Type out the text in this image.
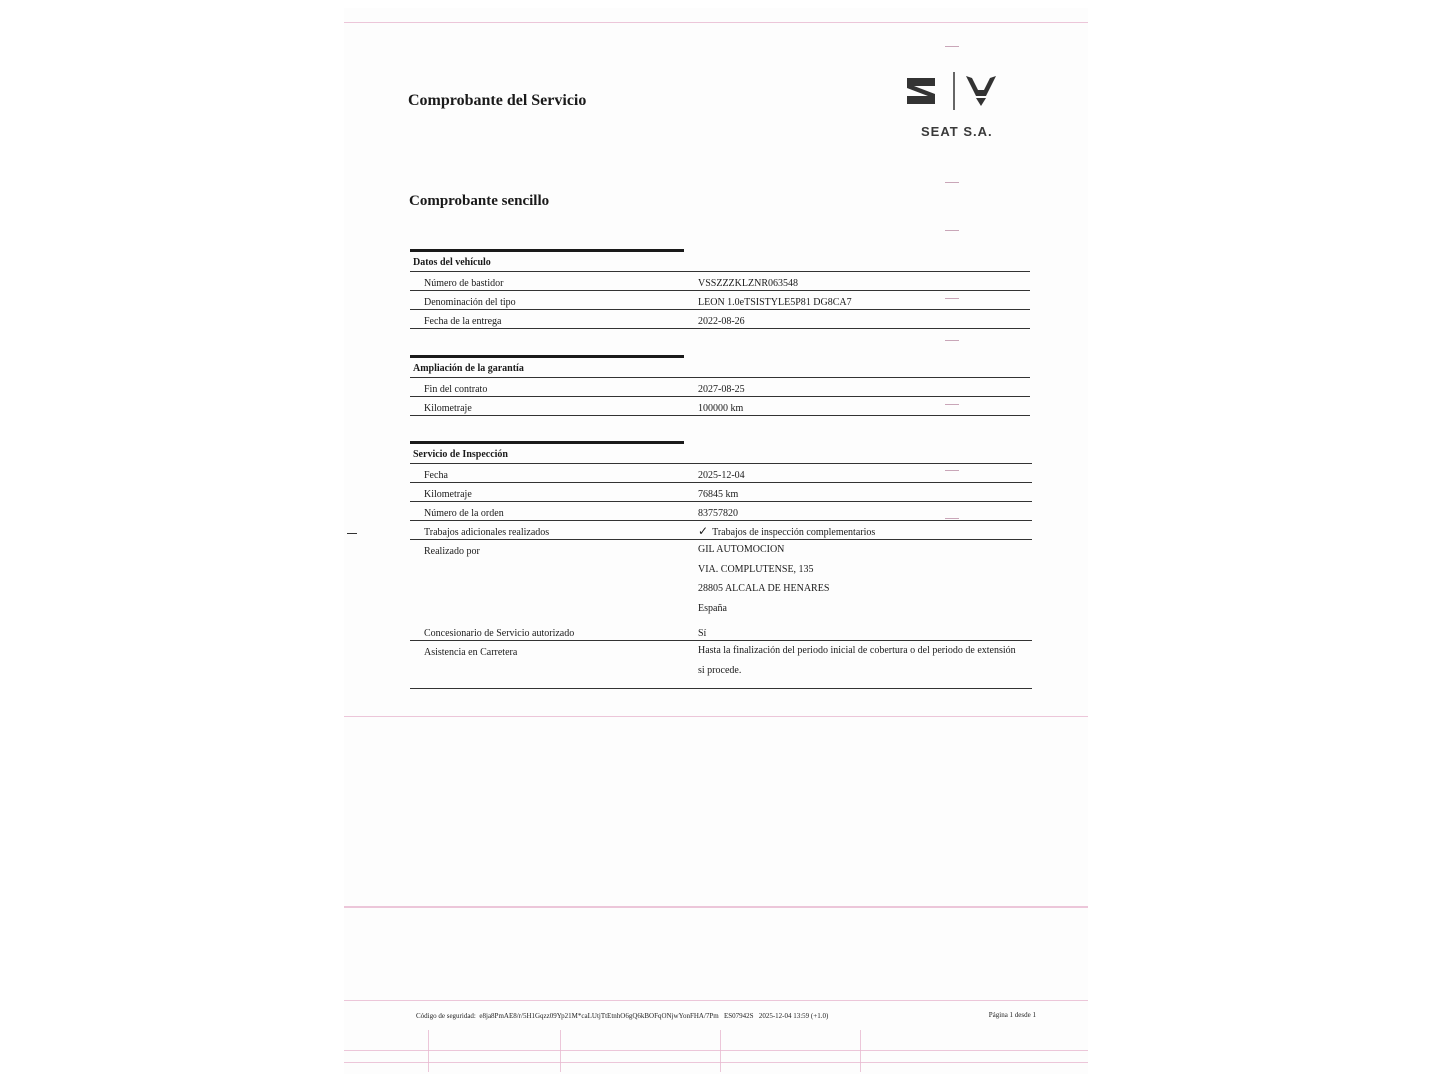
Comprobante del Servicio
SEAT S.A.
Comprobante sencillo
Datos del vehículo
Número de bastidor	VSSZZZKLZNR063548
Denominación del tipo	LEON 1.0eTSISTYLE5P81 DG8CA7
Fecha de la entrega	2022-08-26
Ampliación de la garantía
Fin del contrato	2027-08-25
Kilometraje	100000 km
Servicio de Inspección
Fecha	2025-12-04
Kilometraje	76845 km
Número de la orden	83757820
Trabajos adicionales realizados	✓ Trabajos de inspección complementarios
Realizado por	GIL AUTOMOCION
VIA. COMPLUTENSE, 135
28805 ALCALA DE HENARES
España
Concesionario de Servicio autorizado	Sí
Asistencia en Carretera	Hasta la finalización del periodo inicial de cobertura o del periodo de extensión
si procede.
Código de seguridad: e8ja8PmAE8/r/5H1Gqzz09Yp21M*caLUtjTtEtnhO6gQ6kBOFqONjwYonFHA/7Pm ES07942S 2025-12-04 13:59 (+1.0)	Página 1 desde 1
